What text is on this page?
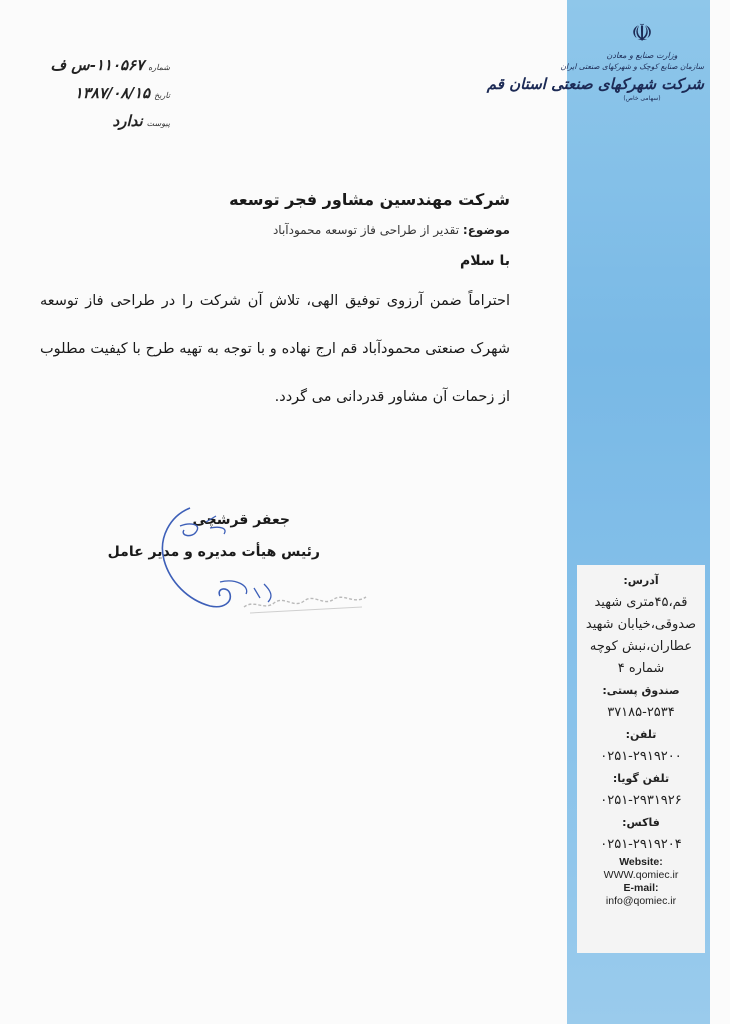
☫
وزارت صنایع و معادن
سازمان صنایع کوچک و شهرکهای صنعتی ایران
شرکت شهرکهای صنعتی استان قم
(سهامی خاص)
شماره
۱۱۰۵۶۷-س ف
تاریخ
۱۳۸۷/۰۸/۱۵
پیوست
ندارد
شرکت مهندسین مشاور فجر توسعه
موضوع: تقدیر از طراحی فاز توسعه محمودآباد
با سلام
احتراماً ضمن آرزوی توفیق الهی، تلاش آن شرکت را در طراحی فاز توسعه شهرک صنعتی محمودآباد قم ارج نهاده و با توجه به تهیه طرح با کیفیت مطلوب از زحمات آن مشاور قدردانی می گردد.
جعفر قرشچی
رئیس هیأت مدیره و مدیر عامل
آدرس:
قم،۴۵متری شهید صدوقی،خیابان شهید عطاران،نبش کوچه شماره ۴
صندوق پستی:
۳۷۱۸۵-۲۵۳۴
تلفن:
۰۲۵۱-۲۹۱۹۲۰۰
تلفن گویا:
۰۲۵۱-۲۹۳۱۹۲۶
فاکس:
۰۲۵۱-۲۹۱۹۲۰۴
Website:
WWW.qomiec.ir
E-mail:
info@qomiec.ir
